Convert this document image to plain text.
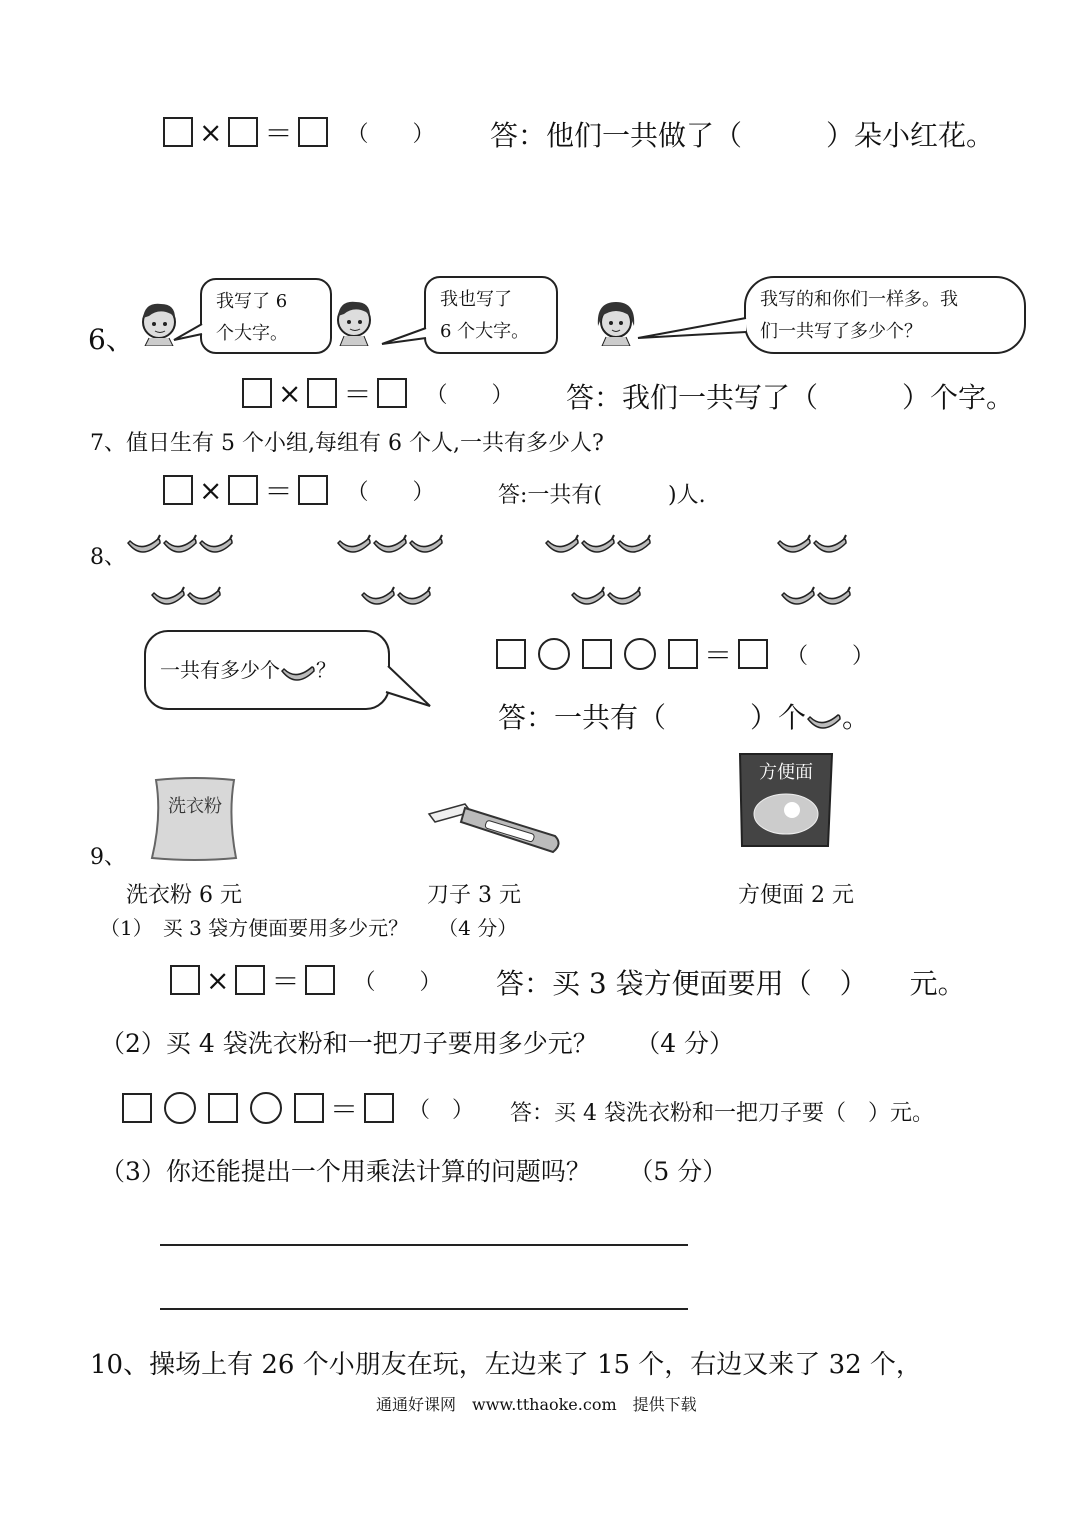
× ＝ （　　） 答：他们一共做了（　　　）朵小红花。
6、
我写了 6
个大字。
我也写了
6 个大字。
我写的和你们一样多。我
们一共写了多少个？
× ＝ （　　） 答：我们一共写了（　　　）个字。
7、值日生有 5 个小组,每组有 6 个人,一共有多少人?
× ＝ （　　）	答:一共有(　　　)人.
8、
一共有多少个 ？	＝ （　　）
答：一共有（　　　）个 。
9、
洗衣粉
方便面
洗衣粉 6 元	刀子 3 元	方便面 2 元
（1）　买 3 袋方便面要用多少元？　　（4 分）
× ＝ （　　） 答：买 3 袋方便面要用（　）　　元。
（2）买 4 袋洗衣粉和一把刀子要用多少元？　　（4 分）
＝ （　） 答：买 4 袋洗衣粉和一把刀子要（　）元。
（3）你还能提出一个用乘法计算的问题吗？　　（5 分）
10、操场上有 26 个小朋友在玩，左边来了 15 个，右边又来了 32 个，
通通好课网　www.tthaoke.com　提供下载
